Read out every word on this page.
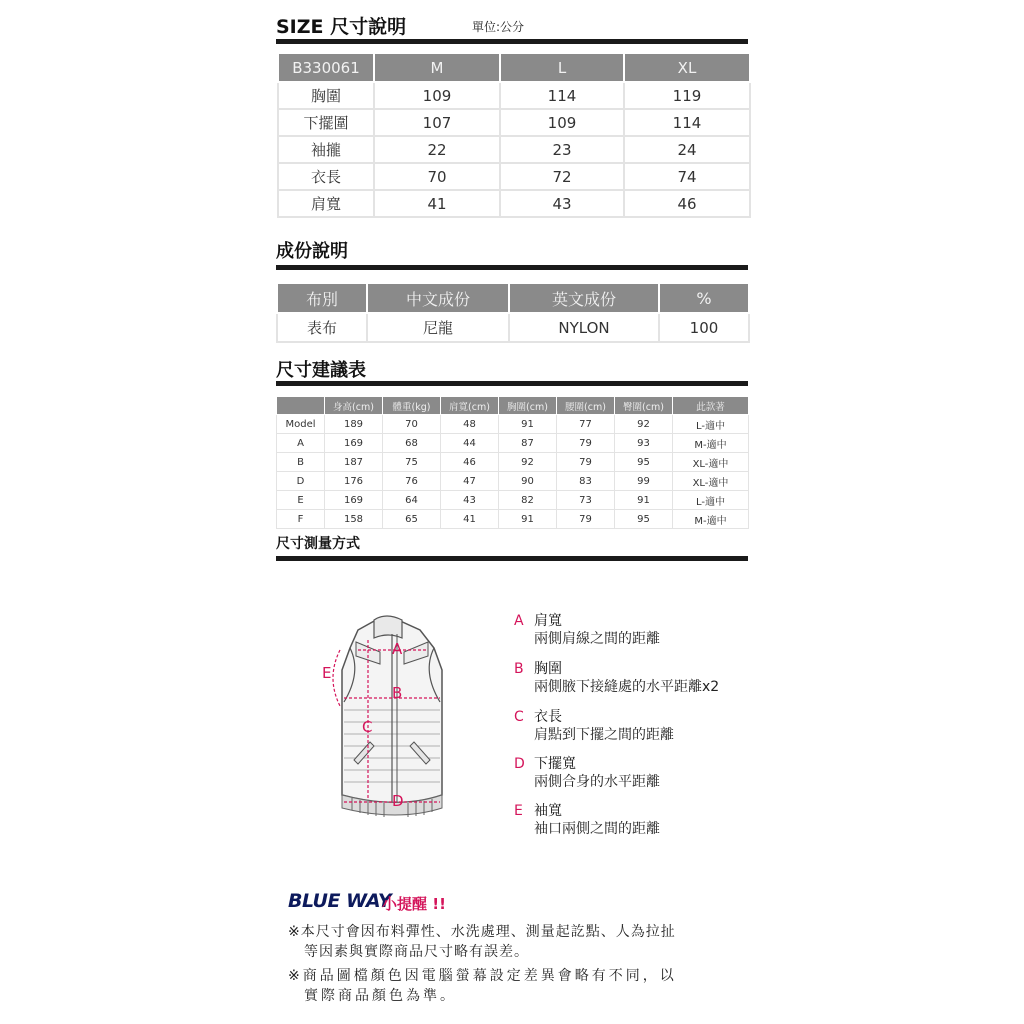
SIZE 尺寸說明	單位:公分
B330061	M	L	XL
胸圍	109	114	119
下擺圍	107	109	114
袖攏	22	23	24
衣長	70	72	74
肩寬	41	43	46
成份說明
布別	中文成份	英文成份	%
表布	尼龍	NYLON	100
尺寸建議表
	身高(cm)	體重(kg)	肩寬(cm)	胸圍(cm)	腰圍(cm)	臀圍(cm)	此款著
Model	189	70	48	91	77	92	L-適中
A	169	68	44	87	79	93	M-適中
B	187	75	46	92	79	95	XL-適中
D	176	76	47	90	83	99	XL-適中
E	169	64	43	82	73	91	L-適中
F	158	65	41	91	79	95	M-適中
尺寸測量方式
A
B
C
D
E
A 肩寬
兩側肩線之間的距離
B 胸圍
兩側腋下接縫處的水平距離x2
C 衣長
肩點到下擺之間的距離
D 下擺寬
兩側合身的水平距離
E 袖寬
袖口兩側之間的距離
BLUE WAY
小提醒 !!
※本尺寸會因布料彈性、水洗處理、測量起訖點、人為拉扯
等因素與實際商品尺寸略有誤差。
※商品圖檔顏色因電腦螢幕設定差異會略有不同，以
實際商品顏色為準。
